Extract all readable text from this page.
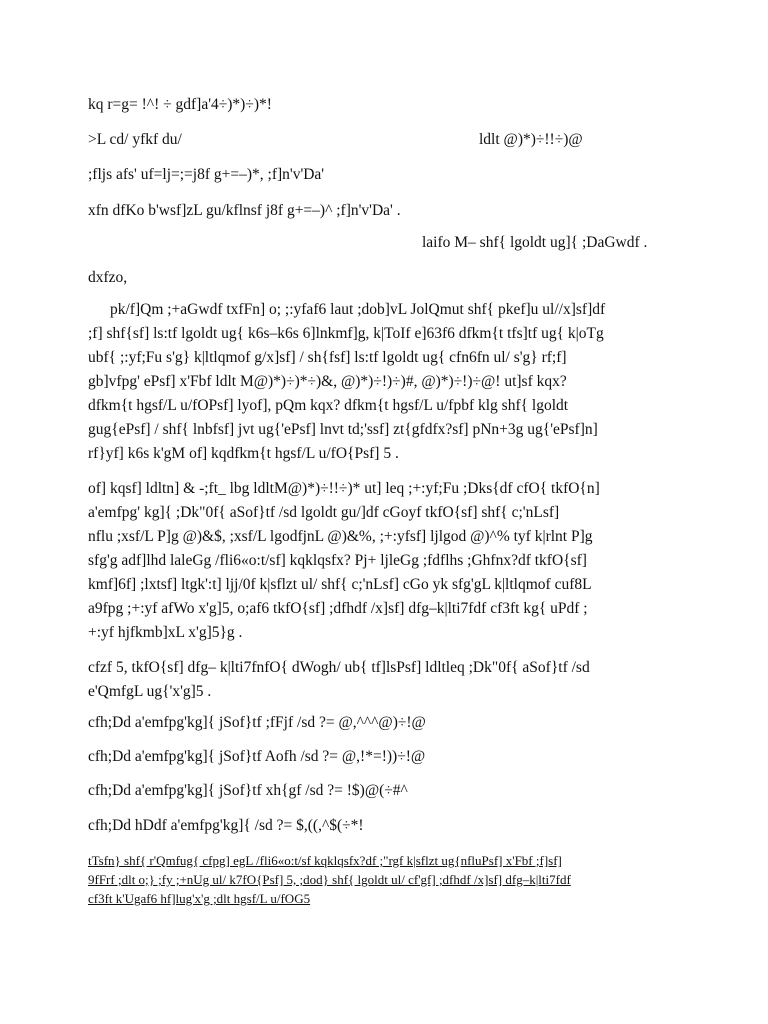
kq r=g= !^! ÷ gdf]a'4÷)*)÷)*!
>L cd/ yfkf du/	ldlt @)*)÷!!÷)@
;fljs afs' uf=lj=;=j8f g+=–)*, ;f]n'v'Da'
xfn dfKo b'wsf]zL gu/kflnsf j8f g+=–)^ ;f]n'v'Da' .
laifo M– shf{ lgoldt ug]{ ;DaGwdf .
dxfzo,
pk/f]Qm ;+aGwdf txfFn] o; ;:yfaf6 laut ;dob]vL JolQmut shf{ pkef]u ul//x]sf]df
;f] shf{sf] ls:tf lgoldt ug{ k6s–k6s 6]lnkmf]g, k|ToIf e]63f6 dfkm{t tfs]tf ug{ k|oTg
ubf{ ;:yf;Fu s'g} k|ltlqmof g/x]sf] / sh{fsf] ls:tf lgoldt ug{ cfn6fn ul/ s'g} rf;f]
gb]vfpg' ePsf] x'Fbf ldlt M@)*)÷)*÷)&, @)*)÷!)÷)#, @)*)÷!)÷@! ut]sf kqx?
dfkm{t hgsf/L u/fOPsf] lyof], pQm kqx? dfkm{t hgsf/L u/fpbf klg shf{ lgoldt
gug{ePsf] / shf{ lnbfsf] jvt ug{'ePsf] lnvt td;'ssf] zt{gfdfx?sf] pNn+3g ug{'ePsf]n]
rf}yf] k6s k'gM of] kqdfkm{t hgsf/L u/fO{Psf] 5 .
of] kqsf] ldltn] & -;ft_ lbg ldltM@)*)÷!!÷)* ut] leq ;+:yf;Fu ;Dks{df cfO{ tkfO{n]
a'emfpg' kg]{ ;Dk"0f{ aSof}tf /sd lgoldt gu/]df cGoyf tkfO{sf] shf{ c;'nLsf]
nflu ;xsf/L P]g @)&$, ;xsf/L lgodfjnL @)&%, ;+:yfsf] ljlgod @)^% tyf k|rlnt P]g
sfg'g adf]lhd laleGg /fli6«o:t/sf] kqklqsfx? Pj+ ljleGg ;fdflhs ;Ghfnx?df tkfO{sf]
kmf]6f] ;lxtsf] ltgk':t] ljj/0f k|sflzt ul/ shf{ c;'nLsf] cGo yk sfg'gL k|ltlqmof cuf8L
a9fpg ;+:yf afWo x'g]5, o;af6 tkfO{sf] ;dfhdf /x]sf] dfg–k|lti7fdf cf3ft kg{ uPdf ;
+:yf hjfkmb]xL x'g]5}g .
cfzf 5, tkfO{sf] dfg– k|lti7fnfO{ dWogh/ ub{ tf]lsPsf] ldltleq ;Dk"0f{ aSof}tf /sd
e'QmfgL ug{'x'g]5 .
cfh;Dd a'emfpg'kg]{ jSof}tf ;fFjf /sd ?= @,^^^@)÷!@
cfh;Dd a'emfpg'kg]{ jSof}tf Aofh /sd ?= @,!*=!))÷!@
cfh;Dd a'emfpg'kg]{ jSof}tf xh{gf /sd ?= !$)@(÷#^
cfh;Dd hDdf a'emfpg'kg]{ /sd ?= $,((,^$(÷*!
tTsfn} shf{ r'Qmfug{ cfpg] egL /fli6«o:t/sf kqklqsfx?df ;"rgf k|sflzt ug{nfluPsf] x'Fbf ;f]sf]
9fFrf ;dlt o;} ;fy ;+nUg ul/ k7fO{Psf] 5, ;dod} shf{ lgoldt ul/ cf'gf] ;dfhdf /x]sf] dfg–k|lti7fdf
cf3ft k'Ugaf6 hf]lug'x'g ;dlt hgsf/L u/fOG5
